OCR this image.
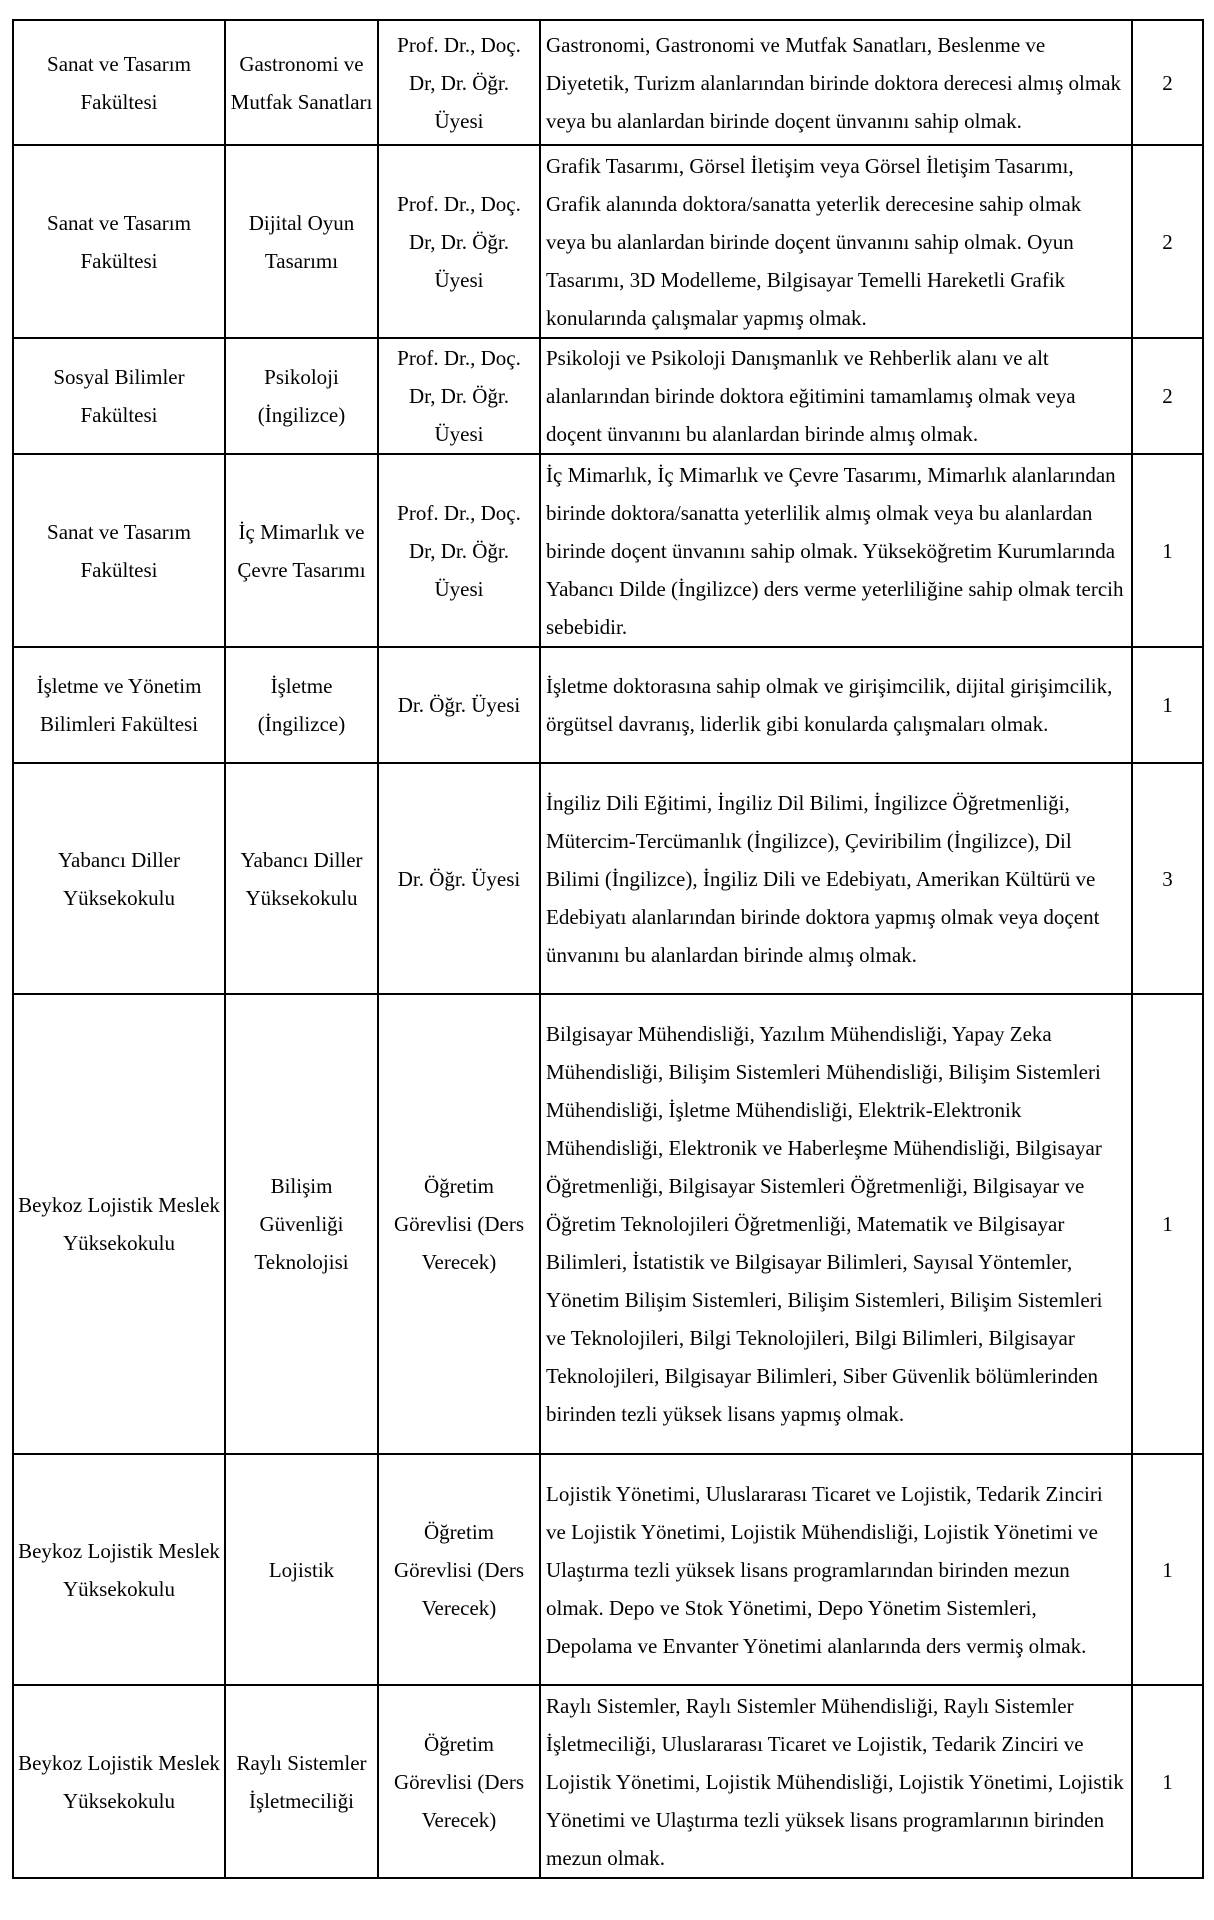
Sanat ve Tasarım Fakültesi	Gastronomi ve Mutfak Sanatları	Prof. Dr., Doç. Dr, Dr. Öğr. Üyesi	Gastronomi, Gastronomi ve Mutfak Sanatları, Beslenme ve Diyetetik, Turizm alanlarından birinde doktora derecesi almış olmak veya bu alanlardan birinde doçent ünvanını sahip olmak.	2
Sanat ve Tasarım Fakültesi	Dijital Oyun Tasarımı	Prof. Dr., Doç. Dr, Dr. Öğr. Üyesi	Grafik Tasarımı, Görsel İletişim veya Görsel İletişim Tasarımı, Grafik alanında doktora/sanatta yeterlik derecesine sahip olmak veya bu alanlardan birinde doçent ünvanını sahip olmak. Oyun Tasarımı, 3D Modelleme, Bilgisayar Temelli Hareketli Grafik konularında çalışmalar yapmış olmak.	2
Sosyal Bilimler Fakültesi	Psikoloji (İngilizce)	Prof. Dr., Doç. Dr, Dr. Öğr. Üyesi	Psikoloji ve Psikoloji Danışmanlık ve Rehberlik alanı ve alt alanlarından birinde doktora eğitimini tamamlamış olmak veya doçent ünvanını bu alanlardan birinde almış olmak.	2
Sanat ve Tasarım Fakültesi	İç Mimarlık ve Çevre Tasarımı	Prof. Dr., Doç. Dr, Dr. Öğr. Üyesi	İç Mimarlık, İç Mimarlık ve Çevre Tasarımı, Mimarlık alanlarından birinde doktora/sanatta yeterlilik almış olmak veya bu alanlardan birinde doçent ünvanını sahip olmak. Yükseköğretim Kurumlarında Yabancı Dilde (İngilizce) ders verme yeterliliğine sahip olmak tercih sebebidir.	1
İşletme ve Yönetim Bilimleri Fakültesi	İşletme (İngilizce)	Dr. Öğr. Üyesi	İşletme doktorasına sahip olmak ve girişimcilik, dijital girişimcilik, örgütsel davranış, liderlik gibi konularda çalışmaları olmak.	1
Yabancı Diller Yüksekokulu	Yabancı Diller Yüksekokulu	Dr. Öğr. Üyesi	İngiliz Dili Eğitimi, İngiliz Dil Bilimi, İngilizce Öğretmenliği, Mütercim-Tercümanlık (İngilizce), Çeviribilim (İngilizce), Dil Bilimi (İngilizce), İngiliz Dili ve Edebiyatı, Amerikan Kültürü ve Edebiyatı alanlarından birinde doktora yapmış olmak veya doçent ünvanını bu alanlardan birinde almış olmak.	3
Beykoz Lojistik Meslek Yüksekokulu	Bilişim Güvenliği Teknolojisi	Öğretim Görevlisi (Ders Verecek)	Bilgisayar Mühendisliği, Yazılım Mühendisliği, Yapay Zeka Mühendisliği, Bilişim Sistemleri Mühendisliği, Bilişim Sistemleri Mühendisliği, İşletme Mühendisliği, Elektrik-Elektronik Mühendisliği, Elektronik ve Haberleşme Mühendisliği, Bilgisayar Öğretmenliği, Bilgisayar Sistemleri Öğretmenliği, Bilgisayar ve Öğretim Teknolojileri Öğretmenliği, Matematik ve Bilgisayar Bilimleri, İstatistik ve Bilgisayar Bilimleri, Sayısal Yöntemler, Yönetim Bilişim Sistemleri, Bilişim Sistemleri, Bilişim Sistemleri ve Teknolojileri, Bilgi Teknolojileri, Bilgi Bilimleri, Bilgisayar Teknolojileri, Bilgisayar Bilimleri, Siber Güvenlik bölümlerinden birinden tezli yüksek lisans yapmış olmak.	1
Beykoz Lojistik Meslek Yüksekokulu	Lojistik	Öğretim Görevlisi (Ders Verecek)	Lojistik Yönetimi, Uluslararası Ticaret ve Lojistik, Tedarik Zinciri ve Lojistik Yönetimi, Lojistik Mühendisliği, Lojistik Yönetimi ve Ulaştırma tezli yüksek lisans programlarından birinden mezun olmak. Depo ve Stok Yönetimi, Depo Yönetim Sistemleri, Depolama ve Envanter Yönetimi alanlarında ders vermiş olmak.	1
Beykoz Lojistik Meslek Yüksekokulu	Raylı Sistemler İşletmeciliği	Öğretim Görevlisi (Ders Verecek)	Raylı Sistemler, Raylı Sistemler Mühendisliği, Raylı Sistemler İşletmeciliği, Uluslararası Ticaret ve Lojistik, Tedarik Zinciri ve Lojistik Yönetimi, Lojistik Mühendisliği, Lojistik Yönetimi, Lojistik Yönetimi ve Ulaştırma tezli yüksek lisans programlarının birinden mezun olmak.	1
